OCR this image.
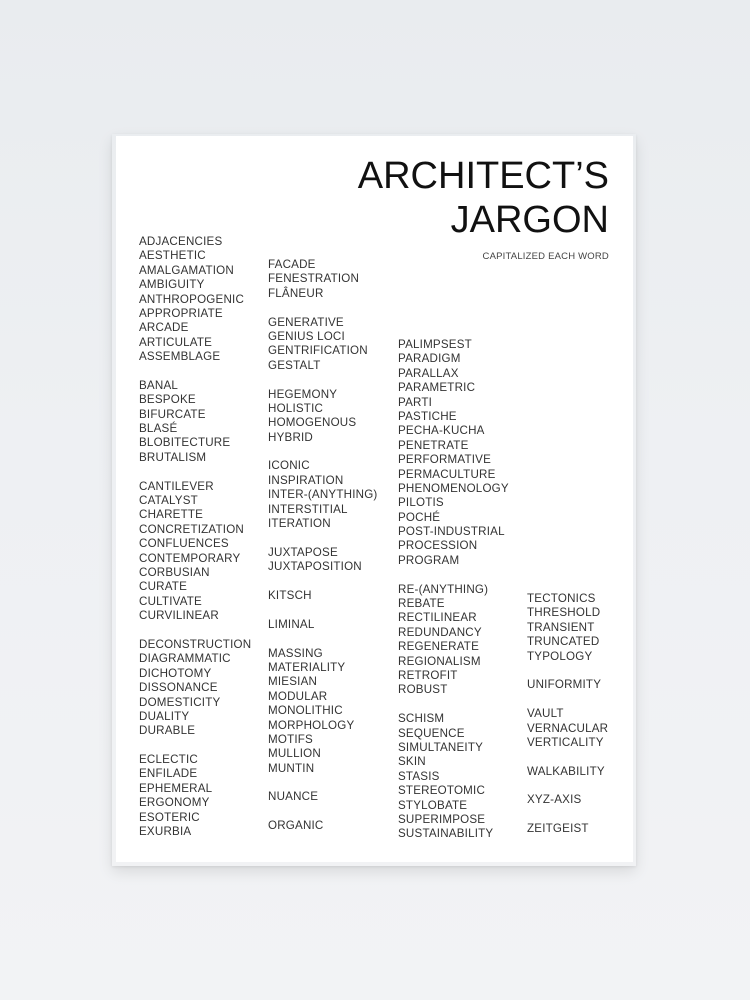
ARCHITECT’S
JARGON
CAPITALIZED EACH WORD
ADJACENCIES
AESTHETIC
AMALGAMATION
AMBIGUITY
ANTHROPOGENIC
APPROPRIATE
ARCADE
ARTICULATE
ASSEMBLAGE
BANAL
BESPOKE
BIFURCATE
BLASÉ
BLOBITECTURE
BRUTALISM
CANTILEVER
CATALYST
CHARETTE
CONCRETIZATION
CONFLUENCES
CONTEMPORARY
CORBUSIAN
CURATE
CULTIVATE
CURVILINEAR
DECONSTRUCTION
DIAGRAMMATIC
DICHOTOMY
DISSONANCE
DOMESTICITY
DUALITY
DURABLE
ECLECTIC
ENFILADE
EPHEMERAL
ERGONOMY
ESOTERIC
EXURBIA
FACADE
FENESTRATION
FLÂNEUR
GENERATIVE
GENIUS LOCI
GENTRIFICATION
GESTALT
HEGEMONY
HOLISTIC
HOMOGENOUS
HYBRID
ICONIC
INSPIRATION
INTER-(ANYTHING)
INTERSTITIAL
ITERATION
JUXTAPOSE
JUXTAPOSITION
KITSCH
LIMINAL
MASSING
MATERIALITY
MIESIAN
MODULAR
MONOLITHIC
MORPHOLOGY
MOTIFS
MULLION
MUNTIN
NUANCE
ORGANIC
PALIMPSEST
PARADIGM
PARALLAX
PARAMETRIC
PARTI
PASTICHE
PECHA-KUCHA
PENETRATE
PERFORMATIVE
PERMACULTURE
PHENOMENOLOGY
PILOTIS
POCHÉ
POST-INDUSTRIAL
PROCESSION
PROGRAM
RE-(ANYTHING)
REBATE
RECTILINEAR
REDUNDANCY
REGENERATE
REGIONALISM
RETROFIT
ROBUST
SCHISM
SEQUENCE
SIMULTANEITY
SKIN
STASIS
STEREOTOMIC
STYLOBATE
SUPERIMPOSE
SUSTAINABILITY
TECTONICS
THRESHOLD
TRANSIENT
TRUNCATED
TYPOLOGY
UNIFORMITY
VAULT
VERNACULAR
VERTICALITY
WALKABILITY
XYZ-AXIS
ZEITGEIST
